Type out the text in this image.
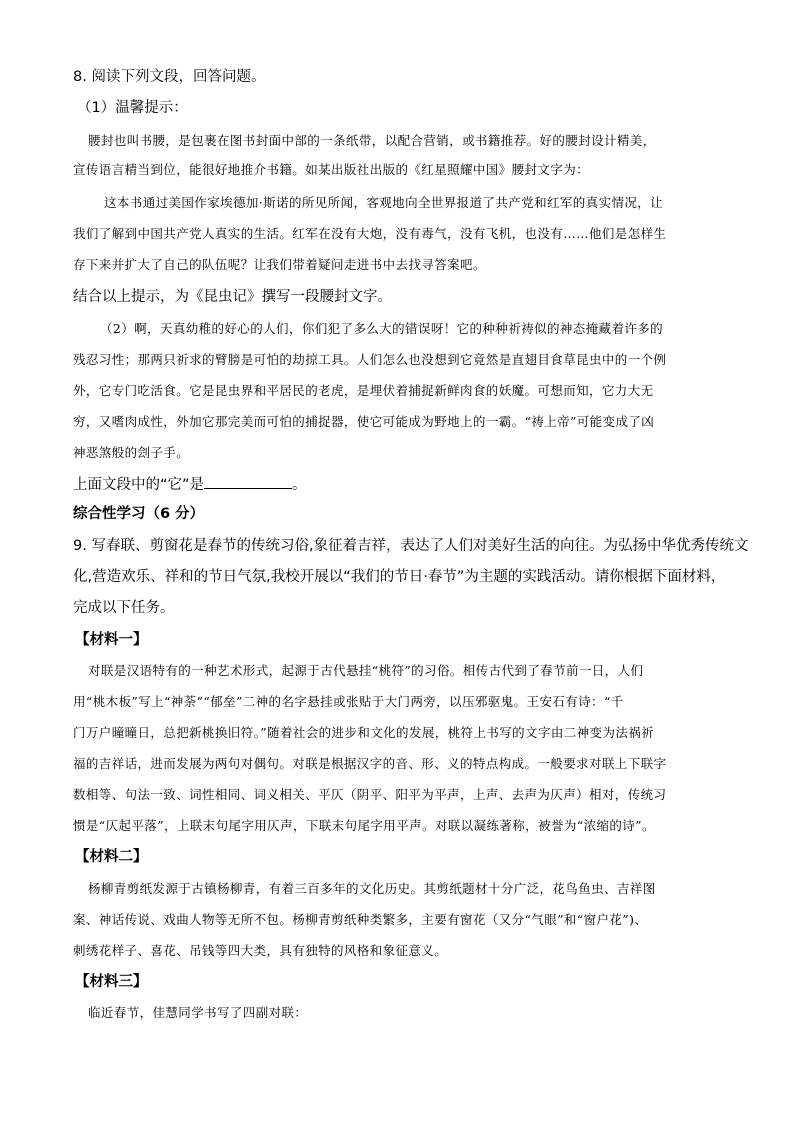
8. 阅读下列文段，回答问题。
（1）温馨提示：
腰封也叫书腰，是包裹在图书封面中部的一条纸带，以配合营销，或书籍推荐。好的腰封设计精美，
宣传语言精当到位，能很好地推介书籍。如某出版社出版的《红星照耀中国》腰封文字为：
这本书通过美国作家埃德加·斯诺的所见所闻，客观地向全世界报道了共产党和红军的真实情况，让
我们了解到中国共产党人真实的生活。红军在没有大炮，没有毒气，没有飞机，也没有……他们是怎样生
存下来并扩大了自己的队伍呢？让我们带着疑问走进书中去找寻答案吧。
结合以上提示，为《昆虫记》撰写一段腰封文字。
（2）啊，天真幼稚的好心的人们，你们犯了多么大的错误呀！它的种种祈祷似的神态掩藏着许多的
残忍习性；那两只祈求的臂膀是可怕的劫掠工具。人们怎么也没想到它竟然是直翅目食草昆虫中的一个例
外，它专门吃活食。它是昆虫界和平居民的老虎，是埋伏着捕捉新鲜肉食的妖魔。可想而知，它力大无
穷，又嗜肉成性，外加它那完美而可怕的捕捉器，使它可能成为野地上的一霸。“祷上帝”可能变成了凶
神恶煞般的刽子手。
上面文段中的“它”是	。
综合性学习（6 分）
9. 写春联、剪窗花是春节的传统习俗,象征着吉祥，表达了人们对美好生活的向往。为弘扬中华优秀传统文
化,营造欢乐、祥和的节日气氛,我校开展以“我们的节日·春节”为主题的实践活动。请你根据下面材料，
完成以下任务。
【材料一】
对联是汉语特有的一种艺术形式，起源于古代悬挂“桃符”的习俗。相传古代到了春节前一日，人们
用“桃木板”写上“神荼”“郁垒”二神的名字悬挂或张贴于大门两旁，以压邪驱鬼。王安石有诗：“千
门万户曈曈日，总把新桃换旧符。”随着社会的进步和文化的发展，桃符上书写的文字由二神变为法祸祈
福的吉祥话，进而发展为两句对偶句。对联是根据汉字的音、形、义的特点构成。一般要求对联上下联字
数相等、句法一致、词性相同、词义相关、平仄（阴平、阳平为平声，上声、去声为仄声）相对，传统习
惯是“仄起平落”，上联末句尾字用仄声，下联末句尾字用平声。对联以凝练著称，被誉为“浓缩的诗”。
【材料二】
杨柳青剪纸发源于古镇杨柳青，有着三百多年的文化历史。其剪纸题材十分广泛，花鸟鱼虫、吉祥图
案、神话传说、戏曲人物等无所不包。杨柳青剪纸种类繁多，主要有窗花（又分“气眼”和“窗户花”)、
刺绣花样子、喜花、吊钱等四大类，具有独特的风格和象征意义。
【材料三】
临近春节，佳慧同学书写了四副对联：
